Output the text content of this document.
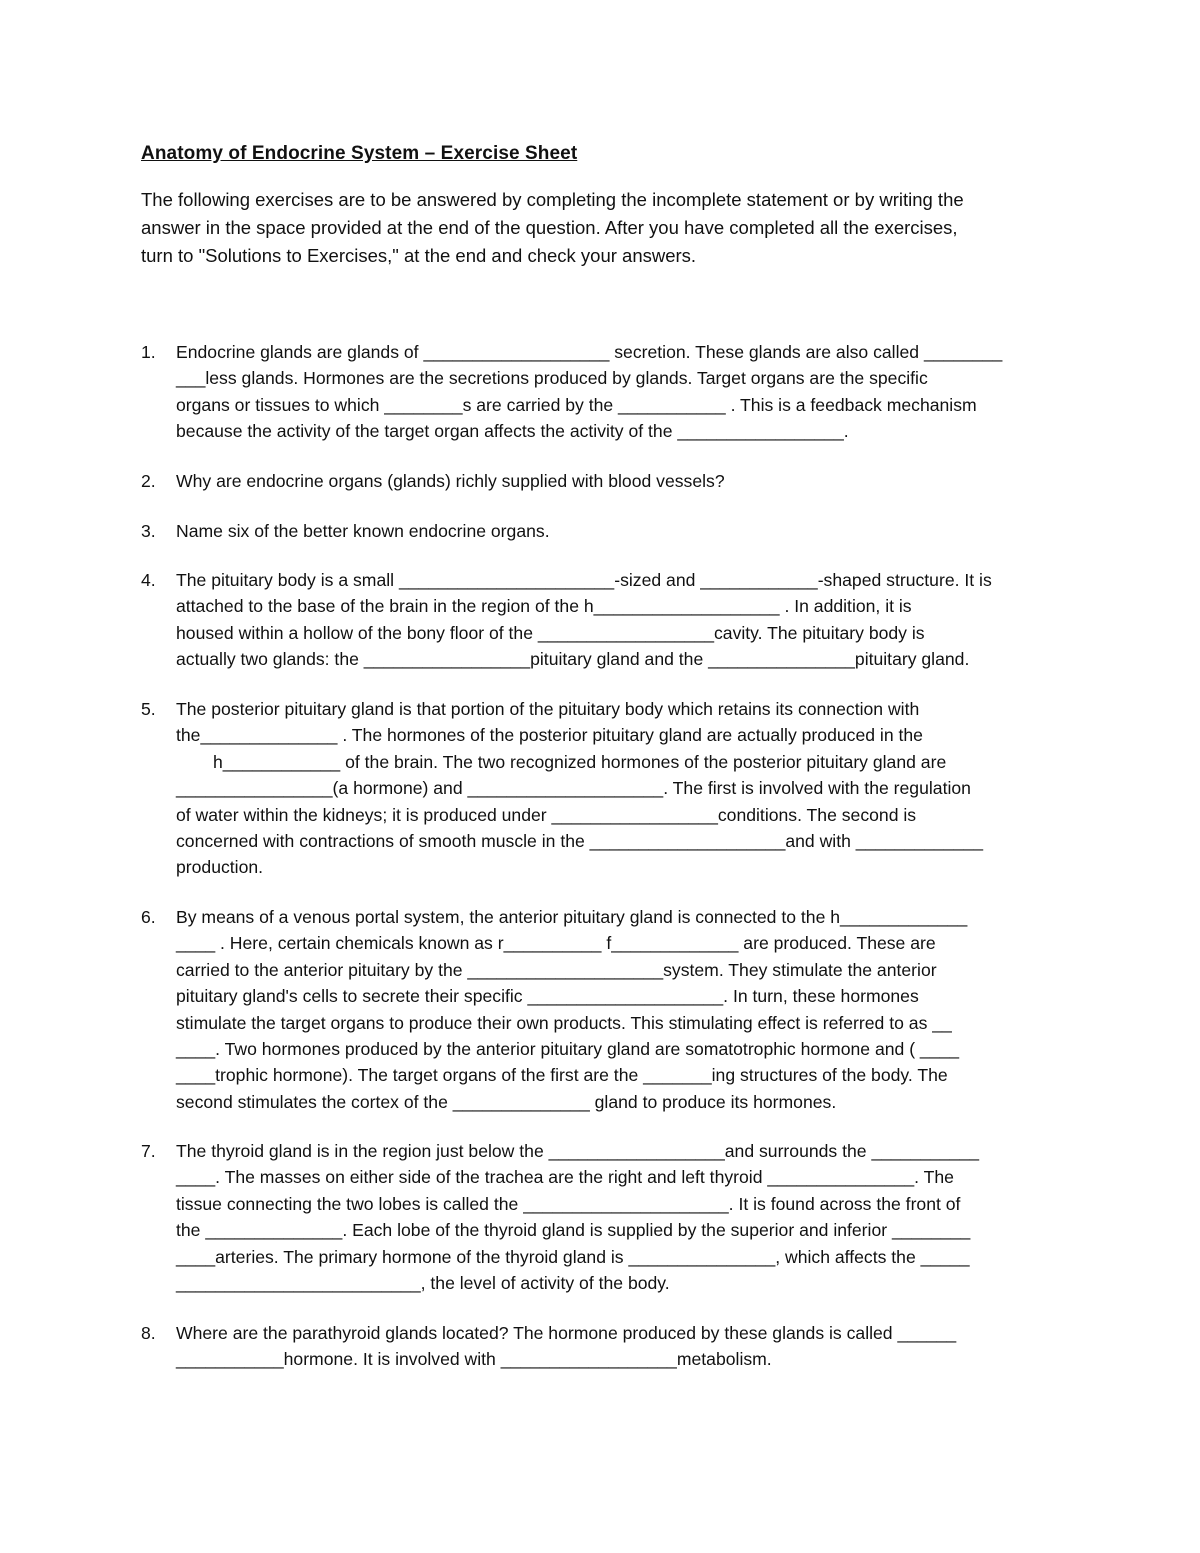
Anatomy of Endocrine System – Exercise Sheet

The following exercises are to be answered by completing the incomplete statement or by writing the

answer in the space provided at the end of the question. After you have completed all the exercises,

turn to "Solutions to Exercises," at the end and check your answers.

1.	Endocrine glands are glands of ___________________ secretion. These glands are also called ________
___less glands. Hormones are the secretions produced by glands. Target organs are the specific
organs or tissues to which ________s are carried by the ___________ . This is a feedback mechanism
because the activity of the target organ affects the activity of the _________________.
2.	Why are endocrine organs (glands) richly supplied with blood vessels?
3.	Name six of the better known endocrine organs.
4.	The pituitary body is a small ______________________-sized and ____________-shaped structure. It is
attached to the base of the brain in the region of the h___________________ . In addition, it is
housed within a hollow of the bony floor of the __________________cavity. The pituitary body is
actually two glands: the _________________pituitary gland and the _______________pituitary gland.
5.	The posterior pituitary gland is that portion of the pituitary body which retains its connection with
the______________ . The hormones of the posterior pituitary gland are actually produced in the
h____________ of the brain. The two recognized hormones of the posterior pituitary gland are
________________(a hormone) and ____________________. The first is involved with the regulation
of water within the kidneys; it is produced under _________________conditions. The second is
concerned with contractions of smooth muscle in the ____________________and with _____________
production.
6.	By means of a venous portal system, the anterior pituitary gland is connected to the h_____________
____ . Here, certain chemicals known as r__________ f_____________ are produced. These are
carried to the anterior pituitary by the ____________________system. They stimulate the anterior
pituitary gland's cells to secrete their specific ____________________. In turn, these hormones
stimulate the target organs to produce their own products. This stimulating effect is referred to as __
____. Two hormones produced by the anterior pituitary gland are somatotrophic hormone and ( ____
____trophic hormone). The target organs of the first are the _______ing structures of the body. The
second stimulates the cortex of the ______________ gland to produce its hormones.
7.	The thyroid gland is in the region just below the __________________and surrounds the ___________
____. The masses on either side of the trachea are the right and left thyroid _______________. The
tissue connecting the two lobes is called the _____________________. It is found across the front of
the ______________. Each lobe of the thyroid gland is supplied by the superior and inferior ________
____arteries. The primary hormone of the thyroid gland is _______________, which affects the _____
_________________________, the level of activity of the body.
8.	Where are the parathyroid glands located? The hormone produced by these glands is called ______
___________hormone. It is involved with __________________metabolism.
